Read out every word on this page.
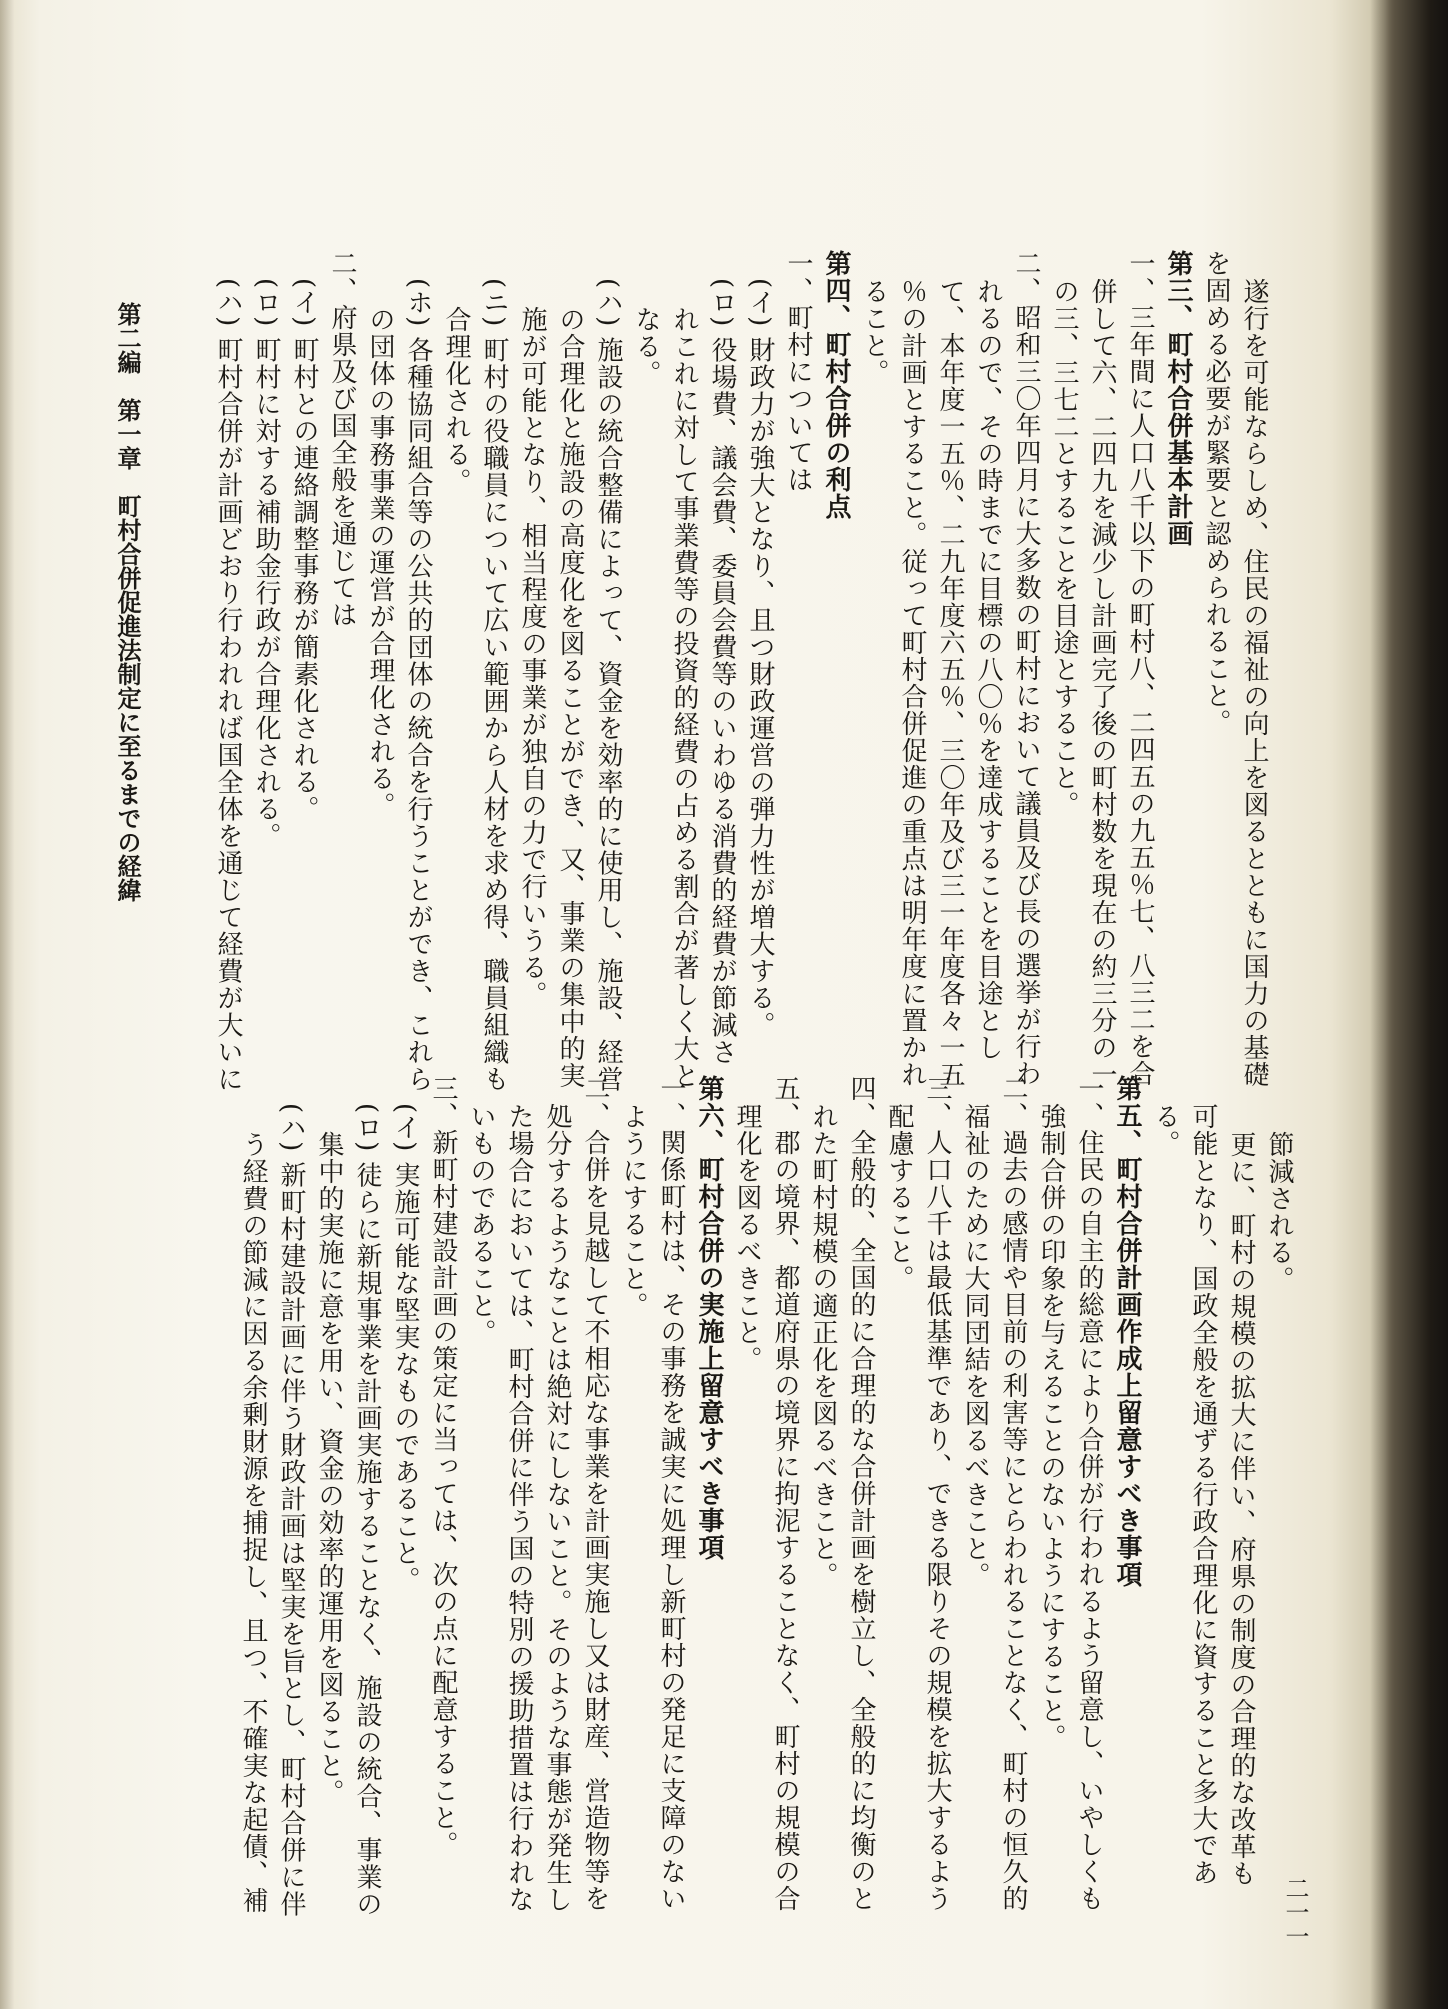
遂行を可能ならしめ、住民の福祉の向上を図るとともに国力の基礎
を固める必要が緊要と認められること。
第三、町村合併基本計画
一、三年間に人口八千以下の町村八、二四五の九五％七、八三二を合
併して六、二四九を減少し計画完了後の町村数を現在の約三分の一
の三、三七二とすることを目途とすること。
二、昭和三〇年四月に大多数の町村において議員及び長の選挙が行わ
れるので、その時までに目標の八〇％を達成することを目途とし
て、本年度一五％、二九年度六五％、三〇年及び三一年度各々一五
％の計画とすること。従って町村合併促進の重点は明年度に置かれ
ること。
第四、町村合併の利点
一、町村については
(イ) 財政力が強大となり、且つ財政運営の弾力性が増大する。
(ロ) 役場費、議会費、委員会費等のいわゆる消費的経費が節減さ
れこれに対して事業費等の投資的経費の占める割合が著しく大と
なる。
(ハ) 施設の統合整備によって、資金を効率的に使用し、施設、経営
の合理化と施設の高度化を図ることができ、又、事業の集中的実
施が可能となり、相当程度の事業が独自の力で行いうる。
(ニ) 町村の役職員について広い範囲から人材を求め得、職員組織も
合理化される。
(ホ) 各種協同組合等の公共的団体の統合を行うことができ、これら
の団体の事務事業の運営が合理化される。
二、府県及び国全般を通じては
(イ) 町村との連絡調整事務が簡素化される。
(ロ) 町村に対する補助金行政が合理化される。
(ハ) 町村合併が計画どおり行われれば国全体を通じて経費が大いに
節減される。
更に、町村の規模の拡大に伴い、府県の制度の合理的な改革も
可能となり、国政全般を通ずる行政合理化に資すること多大であ
る。
第五、町村合併計画作成上留意すべき事項
一、住民の自主的総意により合併が行われるよう留意し、いやしくも
強制合併の印象を与えることのないようにすること。
二、過去の感情や目前の利害等にとらわれることなく、町村の恒久的
福祉のために大同団結を図るべきこと。
三、人口八千は最低基準であり、できる限りその規模を拡大するよう
配慮すること。
四、全般的、全国的に合理的な合併計画を樹立し、全般的に均衡のと
れた町村規模の適正化を図るべきこと。
五、郡の境界、都道府県の境界に拘泥することなく、町村の規模の合
理化を図るべきこと。
第六、町村合併の実施上留意すべき事項
一、関係町村は、その事務を誠実に処理し新町村の発足に支障のない
ようにすること。
二、合併を見越して不相応な事業を計画実施し又は財産、営造物等を
処分するようなことは絶対にしないこと。そのような事態が発生し
た場合においては、町村合併に伴う国の特別の援助措置は行われな
いものであること。
三、新町村建設計画の策定に当っては、次の点に配意すること。
(イ) 実施可能な堅実なものであること。
(ロ) 徒らに新規事業を計画実施することなく、施設の統合、事業の
集中的実施に意を用い、資金の効率的運用を図ること。
(ハ) 新町村建設計画に伴う財政計画は堅実を旨とし、町村合併に伴
う経費の節減に因る余剰財源を捕捉し、且つ、不確実な起債、補
第二編　第一章　町村合併促進法制定に至るまでの経緯
二一一
